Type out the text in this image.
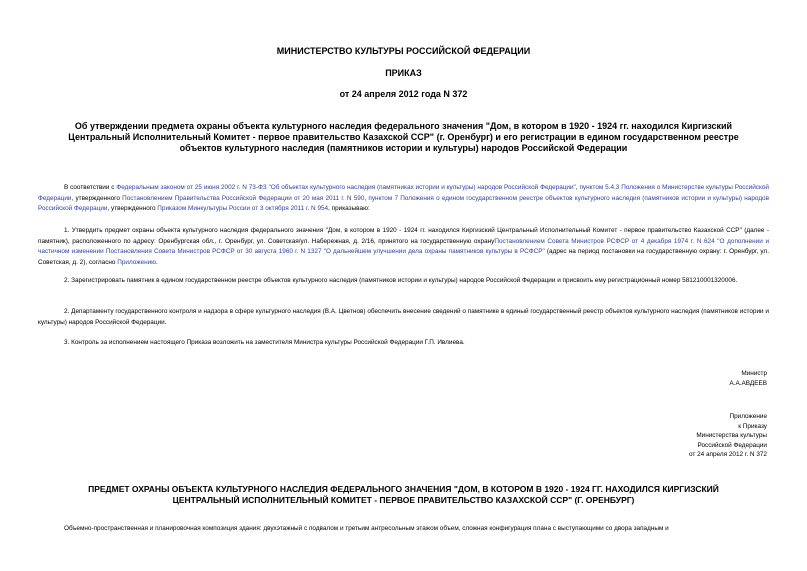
МИНИСТЕРСТВО КУЛЬТУРЫ РОССИЙСКОЙ ФЕДЕРАЦИИ
ПРИКАЗ
от 24 апреля 2012 года N 372
Об утверждении предмета охраны объекта культурного наследия федерального значения "Дом, в котором в 1920 - 1924 гг. находился Киргизский Центральный Исполнительный Комитет - первое правительство Казахской ССР" (г. Оренбург) и его регистрации в едином государственном реестре объектов культурного наследия (памятников истории и культуры) народов Российской Федерации
В соответствии с Федеральным законом от 25 июня 2002 г. N 73-ФЗ "Об объектах культурного наследия (памятниках истории и культуры) народов Российской Федерации", пунктом 5.4.3 Положения о Министерстве культуры Российской Федерации, утвержденного Постановлением Правительства Российской Федерации от 20 мая 2011 г. N 590, пунктом 7 Положения о едином государственном реестре объектов культурного наследия (памятников истории и культуры) народов Российской Федерации, утвержденного Приказом Минкультуры России от 3 октября 2011 г. N 954, приказываю:
1. Утвердить предмет охраны объекта культурного наследия федерального значения "Дом, в котором в 1920 - 1924 гг. находился Киргизский Центральный Исполнительный Комитет - первое правительство Казахской ССР" (далее - памятник), расположенного по адресу: Оренбургская обл., г. Оренбург, ул. Советская/ул. Набережная, д. 2/16, принятого на государственную охрануПостановлением Совета Министров РСФСР от 4 декабря 1974 г. N 624 "О дополнении и частичном изменении Постановления Совета Министров РСФСР от 30 августа 1960 г. N 1327 "О дальнейшем улучшении дела охраны памятников культуры в РСФСР" (адрес на период постановки на государственную охрану: г. Оренбург, ул. Советская, д. 2), согласно Приложению.
2. Зарегистрировать памятник в едином государственном реестре объектов культурного наследия (памятников истории и культуры) народов Российской Федерации и присвоить ему регистрационный номер 581210001320006.
2. Департаменту государственного контроля и надзора в сфере культурного наследия (В.А. Цветнов) обеспечить внесение сведений о памятнике в единый государственный реестр объектов культурного наследия (памятников истории и культуры) народов Российской Федерации.
3. Контроль за исполнением настоящего Приказа возложить на заместителя Министра культуры Российской Федерации Г.П. Ивлиева.
Министр
А.А.АВДЕЕВ
Приложение
к Приказу
Министерства культуры
Российской Федерации
от 24 апреля 2012 г. N 372
ПРЕДМЕТ ОХРАНЫ ОБЪЕКТА КУЛЬТУРНОГО НАСЛЕДИЯ ФЕДЕРАЛЬНОГО ЗНАЧЕНИЯ "ДОМ, В КОТОРОМ В 1920 - 1924 ГГ. НАХОДИЛСЯ КИРГИЗСКИЙ ЦЕНТРАЛЬНЫЙ ИСПОЛНИТЕЛЬНЫЙ КОМИТЕТ - ПЕРВОЕ ПРАВИТЕЛЬСТВО КАЗАХСКОЙ ССР" (Г. ОРЕНБУРГ)
Объемно-пространственная и планировочная композиция здания: двухэтажный с подвалом и третьим антресольным этажом объем, сложная конфигурация плана с выступающими со двора западным и
